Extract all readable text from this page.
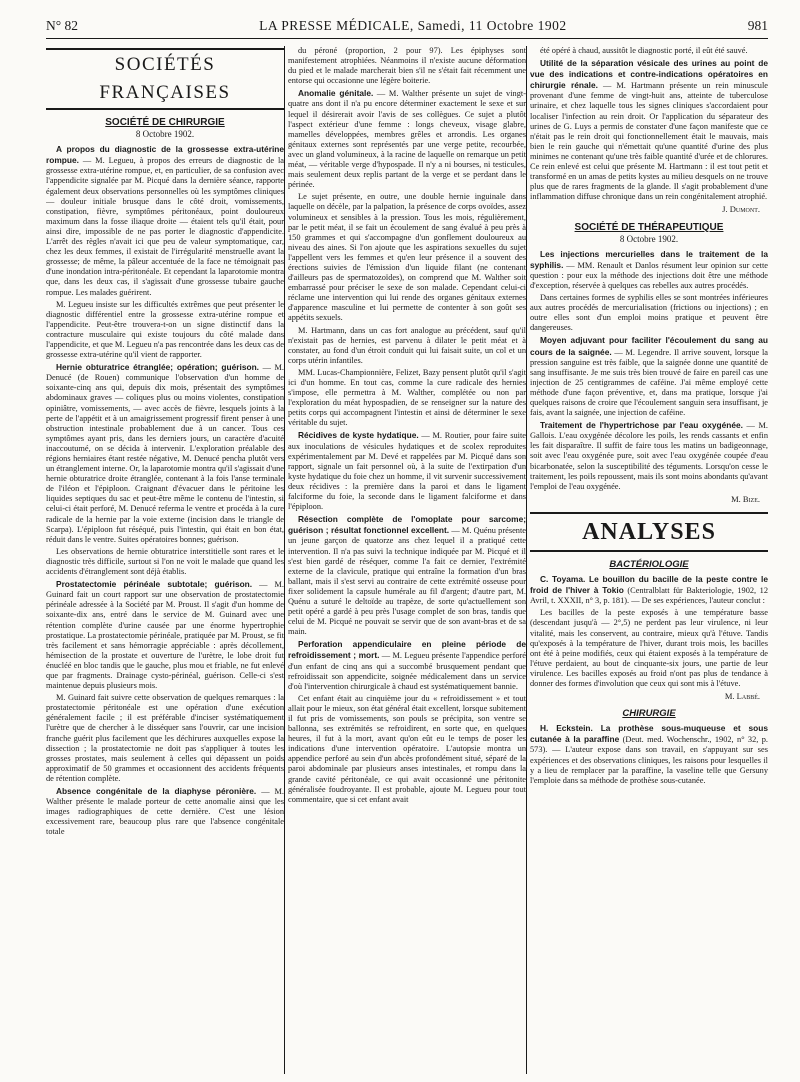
N° 82	LA PRESSE MÉDICALE, Samedi, 11 Octobre 1902	981
SOCIÉTÉS FRANÇAISES
SOCIÉTÉ DE CHIRURGIE
8 Octobre 1902.

A propos du diagnostic de la grossesse extra-utérine rompue. — M. Legueu, à propos des erreurs de diagnostic de la grossesse extra-utérine rompue, et, en particulier, de sa confusion avec l'appendicite signalée par M. Picqué dans la dernière séance, rapporte également deux observations personnelles où les symptômes cliniques — douleur initiale brusque dans le côté droit, vomissements, constipation, fièvre, symptômes péritonéaux, point douloureux maximum dans la fosse iliaque droite — étaient tels qu'il était, pour ainsi dire, impossible de ne pas porter le diagnostic d'appendicite. L'arrêt des règles n'avait ici que peu de valeur symptomatique, car, chez les deux femmes, il existait de l'irrégularité menstruelle avant la grossesse; de même, la pâleur accentuée de la face ne témoignait pas d'une inondation intra-péritonéale. Et cependant la laparotomie montra que, dans les deux cas, il s'agissait d'une grossesse tubaire gauche rompue. Les malades guérirent.

M. Legueu insiste sur les difficultés extrêmes que peut présenter le diagnostic différentiel entre la grossesse extra-utérine rompue et l'appendicite. Peut-être trouvera-t-on un signe distinctif dans la contracture musculaire qui existe toujours du côté malade dans l'appendicite, et que M. Legueu n'a pas rencontrée dans les deux cas de grossesse extra-utérine qu'il vient de rapporter.

Hernie obturatrice étranglée; opération; guérison. — M. Denucé (de Rouen) communique l'observation d'un homme de soixante-cinq ans qui, depuis dix mois, présentait des symptômes abdominaux graves — coliques plus ou moins violentes, constipation opiniâtre, vomissements, — avec accès de fièvre, lesquels joints à la perte de l'appétit et à un amaigrissement progressif firent penser à une obstruction intestinale probablement due à un cancer. Tous ces symptômes ayant pris, dans les derniers jours, un caractère d'acuité inaccoutumé, on se décida à intervenir. L'exploration préalable des régions herniaires étant restée négative, M. Denucé pencha plutôt vers un étranglement interne. Or, la laparotomie montra qu'il s'agissait d'une hernie obturatrice droite étranglée, contenant à la fois l'anse terminale de l'iléon et l'épiploon. Craignant d'évacuer dans le péritoine les liquides septiques du sac et peut-être même le contenu de l'intestin, si celui-ci était perforé, M. Denucé referma le ventre et procéda à la cure radicale de la hernie par la voie externe (incision dans le triangle de Scarpa). L'épiploon fut réséqué, puis l'intestin, qui était en bon état, réduit dans le ventre. Suites opératoires bonnes; guérison.

Les observations de hernie obturatrice interstitielle sont rares et le diagnostic très difficile, surtout si l'on ne voit le malade que quand les accidents d'étranglement sont déjà établis.

Prostatectomie périnéale subtotale; guérison. — M. Guinard fait un court rapport sur une observation de prostatectomie périnéale adressée à la Société par M. Proust. Il s'agit d'un homme de soixante-dix ans, entré dans le service de M. Guinard avec une rétention complète d'urine causée par une énorme hypertrophie prostatique. La prostatectomie périnéale, pratiquée par M. Proust, se fit très facilement et sans hémorragie appréciable : après décollement, hémisection de la prostate et ouverture de l'urètre, le lobe droit fut énucléé en bloc tandis que le gauche, plus mou et friable, ne fut enlevé que par fragments. Drainage cysto-périnéal, guérison. Celle-ci s'est maintenue depuis plusieurs mois.

M. Guinard fait suivre cette observation de quelques remarques : la prostatectomie péritonéale est une opération d'une exécution généralement facile ; il est préférable d'inciser systématiquement l'urètre que de chercher à le disséquer sans l'ouvrir, car une incision franche guérit plus facilement que les déchirures auxquelles expose la dissection ; la prostatectomie ne doit pas s'appliquer à toutes les grosses prostates, mais seulement à celles qui dépassent un poids approximatif de 50 grammes et occasionnent des accidents fréquents de rétention complète.

Absence congénitale de la diaphyse péronière. — M. Walther présente le malade porteur de cette anomalie ainsi que les images radiographiques de cette dernière. C'est une lésion excessivement rare, beaucoup plus rare que l'absence congénitale totale

du péroné (proportion, 2 pour 97). Les épiphyses sont manifestement atrophiées. Néanmoins il n'existe aucune déformation du pied et le malade marcherait bien s'il ne s'était fait récemment une entorse qui occasionne une légère boiterie.

Anomalie génitale. — M. Walther présente un sujet de vingt-quatre ans dont il n'a pu encore déterminer exactement le sexe et sur lequel il désirerait avoir l'avis de ses collègues. Ce sujet a plutôt l'aspect extérieur d'une femme : longs cheveux, visage glabre, mamelles développées, membres grêles et arrondis. Les organes génitaux externes sont représentés par une verge petite, recourbée, avec un gland volumineux, à la racine de laquelle on remarque un petit méat, — véritable verge d'hypospade. Il n'y a ni bourses, ni testicules, mais seulement deux replis partant de la verge et se perdant dans le périnée.

Le sujet présente, en outre, une double hernie inguinale dans laquelle on décèle, par la palpation, la présence de corps ovoïdes, assez volumineux et sensibles à la pression. Tous les mois, régulièrement, par le petit méat, il se fait un écoulement de sang évalué à peu près à 150 grammes et qui s'accompagne d'un gonflement douloureux au niveau des aines. Si l'on ajoute que les aspirations sexuelles du sujet l'appellent vers les femmes et qu'en leur présence il a souvent des érections suivies de l'émission d'un liquide filant (ne contenant d'ailleurs pas de spermatozoïdes), on comprend que M. Walther soit embarrassé pour préciser le sexe de son malade. Cependant celui-ci réclame une intervention qui lui rende des organes génitaux externes d'apparence masculine et lui permette de contenter à son goût ses appétits sexuels.

M. Hartmann, dans un cas fort analogue au précédent, sauf qu'il n'existait pas de hernies, est parvenu à dilater le petit méat et à constater, au fond d'un étroit conduit qui lui faisait suite, un col et un corps utérin infantiles.

MM. Lucas-Championnière, Felizet, Bazy pensent plutôt qu'il s'agit ici d'un homme. En tout cas, comme la cure radicale des hernies s'impose, elle permettra à M. Walther, complétée ou non par l'exploration du méat hypospadien, de se renseigner sur la nature des petits corps qui accompagnent l'intestin et ainsi de déterminer le sexe véritable du sujet.

Récidives de kyste hydatique. — M. Routier, pour faire suite aux inoculations de vésicules hydatiques et de scolex reproduites expérimentalement par M. Devé et rappelées par M. Picqué dans son rapport, signale un fait personnel où, à la suite de l'extirpation d'un kyste hydatique du foie chez un homme, il vit survenir successivement deux récidives : la première dans la paroi et dans le ligament falciforme du foie, la seconde dans le ligament falciforme et dans l'épiploon.

Résection complète de l'omoplate pour sarcome; guérison ; résultat fonctionnel excellent. — M. Quénu présente un jeune garçon de quatorze ans chez lequel il a pratiqué cette intervention. Il n'a pas suivi la technique indiquée par M. Picqué et il s'est bien gardé de réséquer, comme l'a fait ce dernier, l'extrémité externe de la clavicule, pratique qui entraîne la formation d'un bras ballant, mais il s'est servi au contraire de cette extrémité osseuse pour fixer solidement la capsule humérale au fil d'argent; d'autre part, M. Quénu a suturé le deltoïde au trapèze, de sorte qu'actuellement son petit opéré a gardé à peu près l'usage complet de son bras, tandis que celui de M. Picqué ne pouvait se servir que de son avant-bras et de sa main.

Perforation appendiculaire en pleine période de refroidissement ; mort. — M. Legueu présente l'appendice perforé d'un enfant de cinq ans qui a succombé brusquement pendant que refroidissait son appendicite, soignée médicalement dans un service d'où l'intervention chirurgicale à chaud est systématiquement bannie.

Cet enfant était au cinquième jour du « refroidissement » et tout allait pour le mieux, son état général était excellent, lorsque subitement il fut pris de vomissements, son pouls se précipita, son ventre se ballonna, ses extrémités se refroidirent, en sorte que, en quelques heures, il fut à la mort, avant qu'on eût eu le temps de poser les indications d'une intervention opératoire. L'autopsie montra un appendice perforé au sein d'un abcès profondément situé, séparé de la paroi abdominale par plusieurs anses intestinales, et rompu dans la grande cavité péritonéale, ce qui avait occasionné une péritonite généralisée foudroyante. Il est probable, ajoute M. Legueu pour tout commentaire, que si cet enfant avait

été opéré à chaud, aussitôt le diagnostic porté, il eût été sauvé.

Utilité de la séparation vésicale des urines au point de vue des indications et contre-indications opératoires en chirurgie rénale. — M. Hartmann présente un rein minuscule provenant d'une femme de vingt-huit ans, atteinte de tuberculose urinaire, et chez laquelle tous les signes cliniques s'accordaient pour localiser l'infection au rein droit. Or l'application du séparateur des urines de G. Luys a permis de constater d'une façon manifeste que ce n'était pas le rein droit qui fonctionnellement était le mauvais, mais bien le rein gauche qui n'émettait qu'une quantité d'urine des plus minimes ne contenant qu'une très faible quantité d'urée et de chlorures. Ce rein enlevé est celui que présente M. Hartmann : il est tout petit et transformé en un amas de petits kystes au milieu desquels on ne trouve plus que de rares fragments de la glande. Il s'agit probablement d'une inflammation diffuse chronique dans un rein congénitalement atrophié.

J. Dumont.
SOCIÉTÉ DE THÉRAPEUTIQUE
8 Octobre 1902.

Les injections mercurielles dans le traitement de la syphilis. — MM. Renault et Danlos résument leur opinion sur cette question : pour eux la méthode des injections doit être une méthode d'exception, réservée à quelques cas rebelles aux autres procédés.

Dans certaines formes de syphilis elles se sont montrées inférieures aux autres procédés de mercurialisation (frictions ou injections) ; en outre elles sont d'un emploi moins pratique et peuvent être dangereuses.

Moyen adjuvant pour faciliter l'écoulement du sang au cours de la saignée. — M. Legendre. Il arrive souvent, lorsque la pression sanguine est très faible, que la saignée donne une quantité de sang insuffisante. Je me suis très bien trouvé de faire en pareil cas une injection de 25 centigrammes de caféine. J'ai même employé cette méthode d'une façon préventive, et, dans ma pratique, lorsque j'ai quelques raisons de croire que l'écoulement sanguin sera insuffisant, je fais, avant la saignée, une injection de caféine.

Traitement de l'hypertrichose par l'eau oxygénée. — M. Gallois. L'eau oxygénée décolore les poils, les rends cassants et enfin les fait disparaître. Il suffit de faire tous les matins un badigeonnage, soit avec l'eau oxygénée pure, soit avec l'eau oxygénée coupée d'eau bicarbonatée, selon la susceptibilité des téguments. Lorsqu'on cesse le traitement, les poils repoussent, mais ils sont moins abondants qu'avant l'emploi de l'eau oxygénée.

M. Bize.
ANALYSES
BACTÉRIOLOGIE

C. Toyama. Le bouillon du bacille de la peste contre le froid de l'hiver à Tokio (Centralblatt für Bakteriologie, 1902, 12 Avril, t. XXXII, n° 3, p. 181). — De ses expériences, l'auteur conclut :

Les bacilles de la peste exposés à une température basse (descendant jusqu'à — 2°,5) ne perdent pas leur virulence, ni leur vitalité, mais les conservent, au contraire, mieux qu'à l'étuve. Tandis qu'exposés à la température de l'hiver, durant trois mois, les bacilles ont été à peine modifiés, ceux qui étaient exposés à la température de l'étuve perdaient, au bout de cinquante-six jours, une partie de leur virulence. Les bacilles exposés au froid n'ont pas plus de tendance à donner des formes d'involution que ceux qui sont mis à l'étuve.

M. Labbé.
CHIRURGIE

H. Eckstein. La prothèse sous-muqueuse et sous cutanée à la paraffine (Deut. med. Wochenschr., 1902, n° 32, p. 573). — L'auteur expose dans son travail, en s'appuyant sur ses expériences et des observations cliniques, les raisons pour lesquelles il y a lieu de remplacer par la paraffine, la vaseline telle que Gersuny l'emploie dans sa méthode de prothèse sous-cutanée.
